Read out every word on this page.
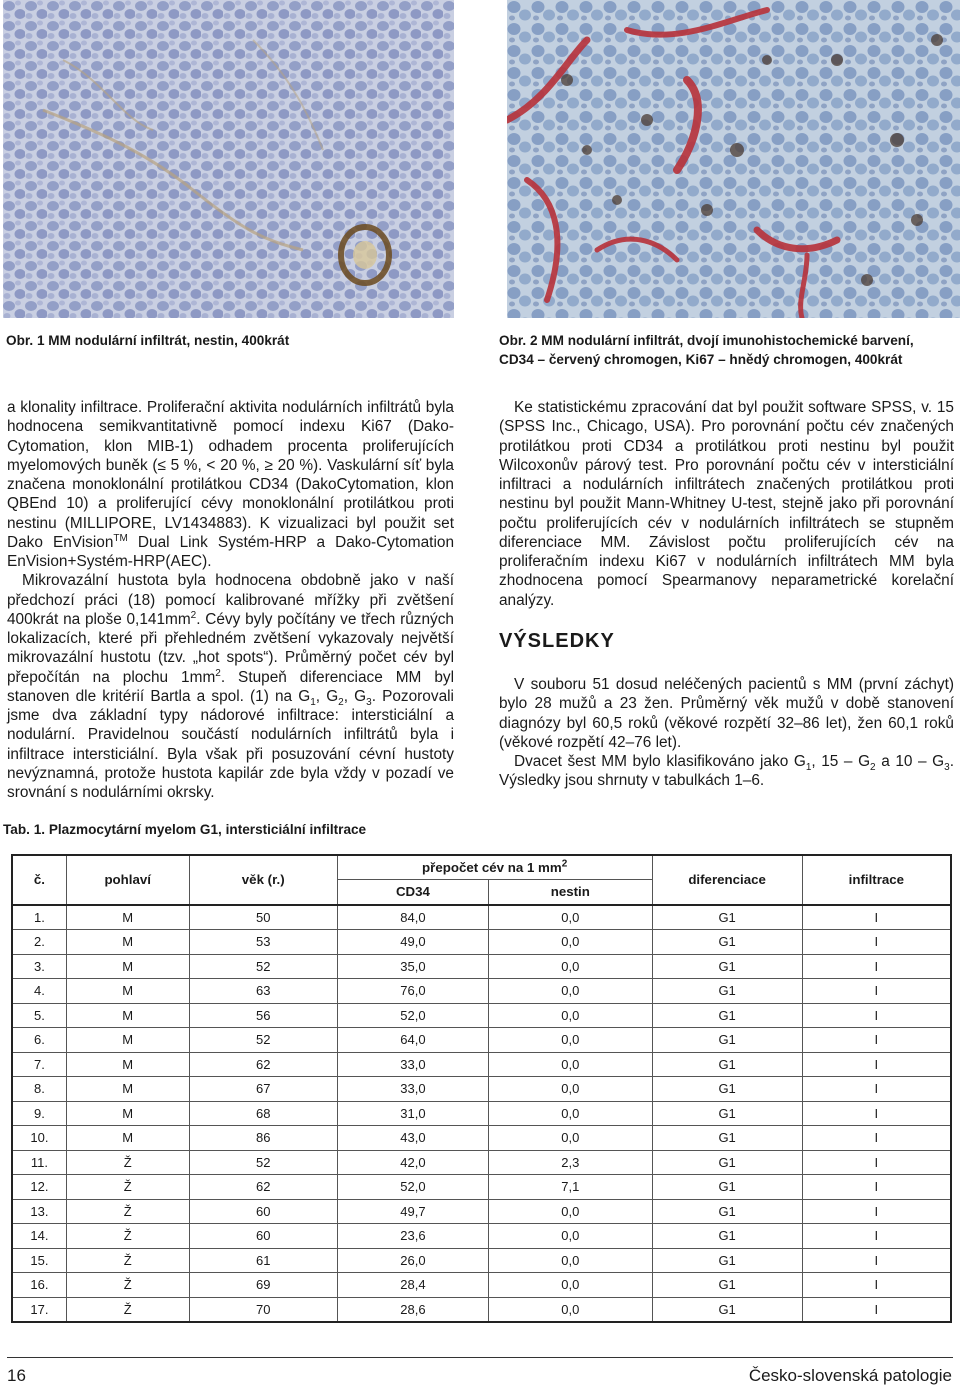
Obr. 1 MM nodulární infiltrát, nestin, 400krát	Obr. 2 MM nodulární infiltrát, dvojí imunohistochemické barvení,
CD34 – červený chromogen, Ki67 – hnědý chromogen, 400krát

a klonality infiltrace. Proliferační aktivita nodulárních infiltrátů byla hodnocena semikvantitativně pomocí indexu Ki67 (Dako-Cytomation, klon MIB-1) odhadem procenta proliferujících myelomových buněk (≤ 5 %, < 20 %, ≥ 20 %). Vaskulární síť byla značena monoklonální protilátkou CD34 (DakoCytomation, klon QBEnd 10) a proliferující cévy monoklonální protilátkou proti nestinu (MILLIPORE, LV1434883). K vizualizaci byl použit set Dako EnVision™ Dual Link Systém-HRP a Dako-Cytomation EnVision+Systém-HRP(AEC).

Mikrovazální hustota byla hodnocena obdobně jako v naší předchozí práci (18) pomocí kalibrované mřížky při zvětšení 400krát na ploše $0,141mm^2$. Cévy byly počítány ve třech různých lokalizacích, které při přehledném zvětšení vykazovaly největší mikrovazální hustotu (tzv. „hot spots“). Průměrný počet cév byl přepočítán na plochu $1mm^2$. Stupeň diferenciace MM byl stanoven dle kritérií Bartla a spol. (1) na $G_1$, $G_2$, $G_3$. Pozorovali jsme dva základní typy nádorové infiltrace: intersticiální a nodulární. Pravidelnou součástí nodulárních infiltrátů byla i infiltrace intersticiální. Byla však při posuzování cévní hustoty nevýznamná, protože hustota kapilár zde byla vždy v pozadí ve srovnání s nodulárními okrsky.

Ke statistickému zpracování dat byl použit software SPSS, v. 15 (SPSS Inc., Chicago, USA). Pro porovnání počtu cév značených protilátkou proti CD34 a protilátkou proti nestinu byl použit Wilcoxonův párový test. Pro porovnání počtu cév v intersticiální infiltraci a nodulárních infiltrátech značených protilátkou proti nestinu byl použit Mann-Whitney U-test, stejně jako při porovnání počtu proliferujících cév v nodulárních infiltrátech se stupněm diferenciace MM. Závislost počtu proliferujících cév na proliferačním indexu Ki67 v nodulárních infiltrátech MM byla zhodnocena pomocí Spearmanovy neparametrické korelační analýzy.

VÝSLEDKY

V souboru 51 dosud neléčených pacientů s MM (první záchyt) bylo 28 mužů a 23 žen. Průměrný věk mužů v době stanovení diagnózy byl 60,5 roků (věkové rozpětí 32–86 let), žen 60,1 roků (věkové rozpětí 42–76 let).

Dvacet šest MM bylo klasifikováno jako $G_1$, $15 - G_2$ a $10 - G_3$. Výsledky jsou shrnuty v tabulkách 1–6.

Tab. 1. Plazmocytární myelom G1, intersticiální infiltrace
č.	pohlaví	věk (r.)	přepočet cév na 1 $mm^2$		diferenciace	infiltrace
			CD34	nestin		
1.	M	50	84,0	0,0	G1	I
2.	M	53	49,0	0,0	G1	I
3.	M	52	35,0	0,0	G1	I
4.	M	63	76,0	0,0	G1	I
5.	M	56	52,0	0,0	G1	I
6.	M	52	64,0	0,0	G1	I
7.	M	62	33,0	0,0	G1	I
8.	M	67	33,0	0,0	G1	I
9.	M	68	31,0	0,0	G1	I
10.	M	86	43,0	0,0	G1	I
11.	Ž	52	42,0	2,3	G1	I
12.	Ž	62	52,0	7,1	G1	I
13.	Ž	60	49,7	0,0	G1	I
14.	Ž	60	23,6	0,0	G1	I
15.	Ž	61	26,0	0,0	G1	I
16.	Ž	69	28,4	0,0	G1	I
17.	Ž	70	28,6	0,0	G1	I
16	Česko-slovenská patologie
